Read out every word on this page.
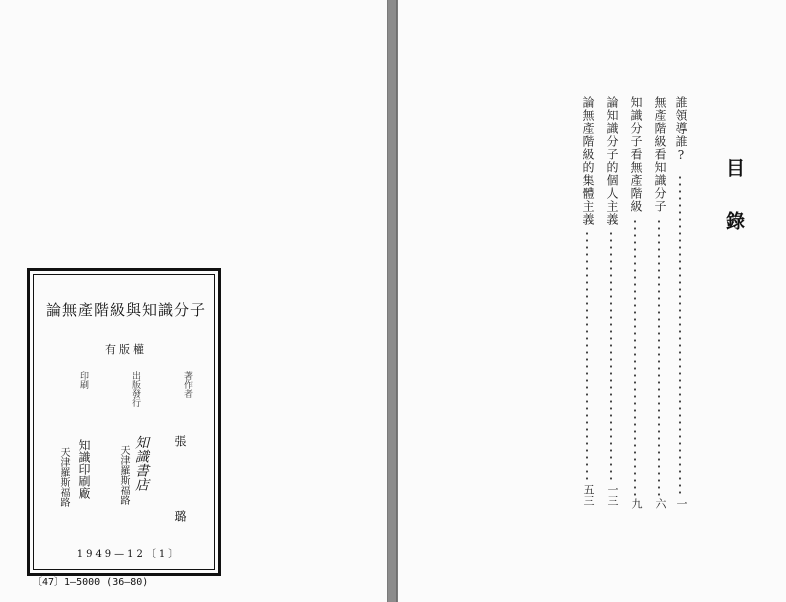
論無產階級與知識分子
有版權
著作者
出版發行
印刷
張
璐
知識書店
天津羅斯福路
知識印刷廠
天津羅斯福路
1949—12〔1〕
〔47〕1—5000 (36—80)
目錄
誰領導誰?
一
無產階級看知識分子
六
知識分子看無產階級
九
論知識分子的個人主義
一三
論無產階級的集體主義
五三
